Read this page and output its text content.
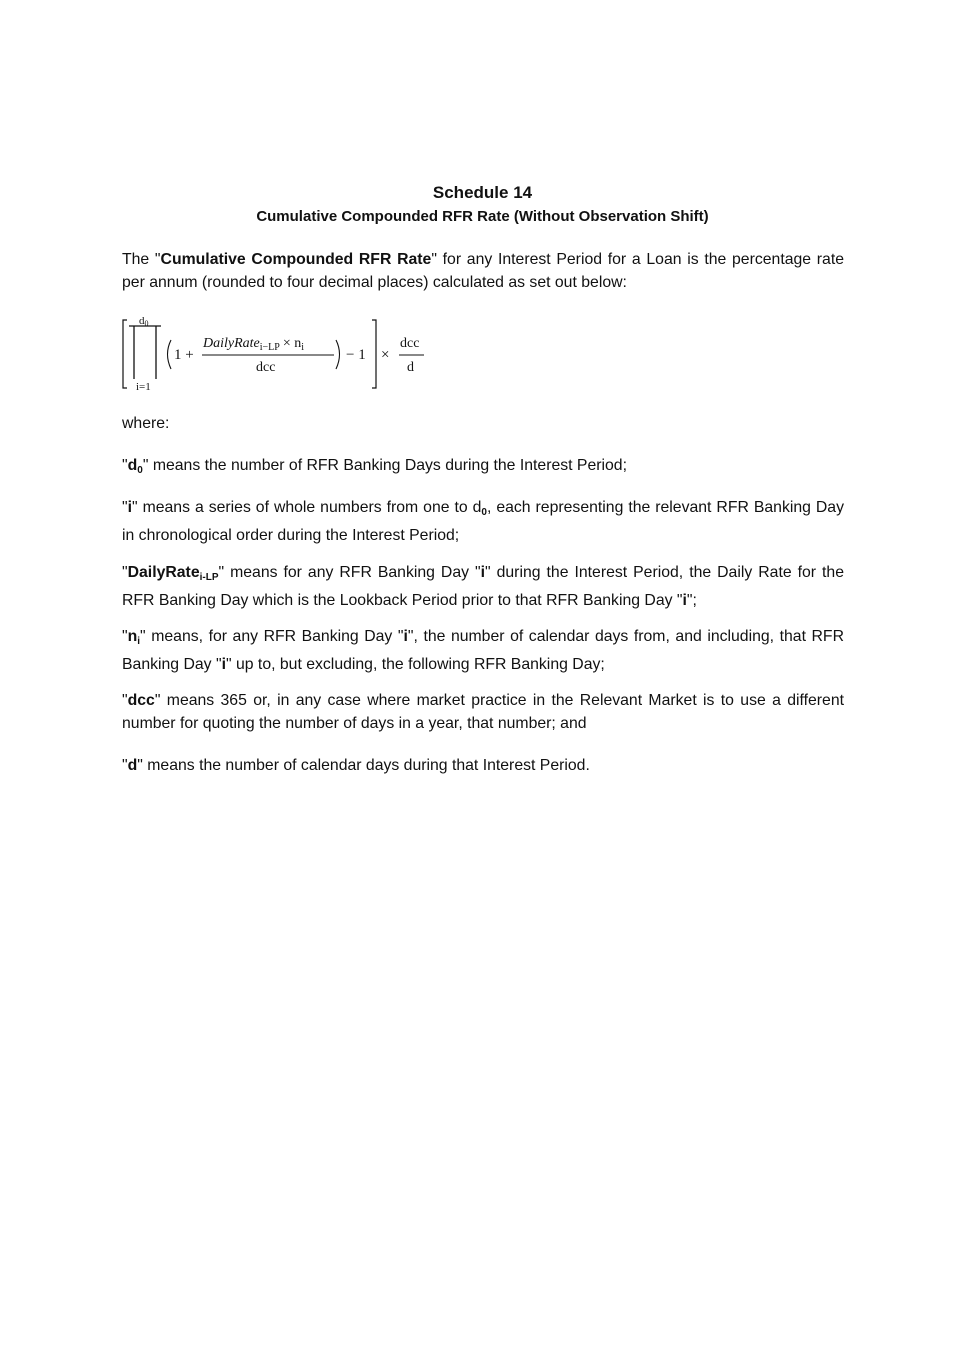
Schedule 14
Cumulative Compounded RFR Rate (Without Observation Shift)
The "Cumulative Compounded RFR Rate" for any Interest Period for a Loan is the percentage rate per annum (rounded to four decimal places) calculated as set out below:
d0
i=1
1 +
DailyRate$_{i-LP}$ × $n_i$
dcc
− 1 ×
dcc
d
where:
"$d_0$" means the number of RFR Banking Days during the Interest Period;
"i" means a series of whole numbers from one to $d_0$, each representing the relevant RFR Banking Day in chronological order during the Interest Period;
"DailyRate$_{i-LP}$" means for any RFR Banking Day "i" during the Interest Period, the Daily Rate for the RFR Banking Day which is the Lookback Period prior to that RFR Banking Day "i";
"$n_i$" means, for any RFR Banking Day "i", the number of calendar days from, and including, that RFR Banking Day "i" up to, but excluding, the following RFR Banking Day;
"dcc" means 365 or, in any case where market practice in the Relevant Market is to use a different number for quoting the number of days in a year, that number; and
"d" means the number of calendar days during that Interest Period.
